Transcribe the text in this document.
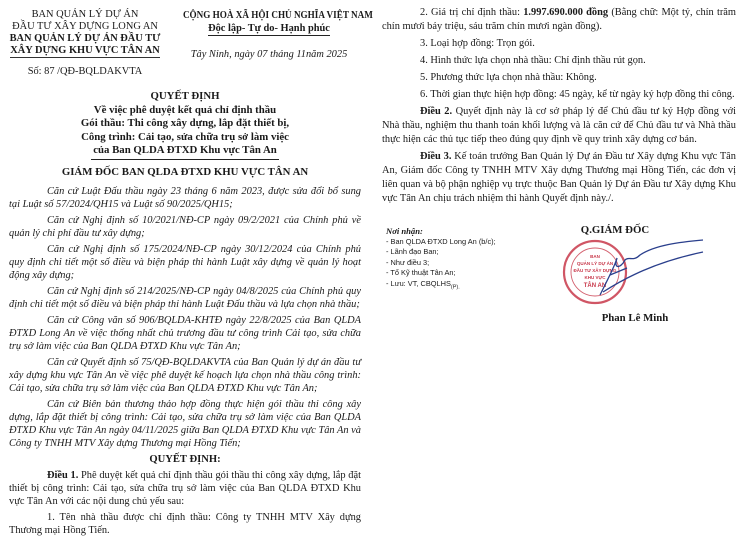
BAN QUẢN LÝ DỰ ÁN
ĐẦU TƯ XÂY DỰNG LONG AN
BAN QUẢN LÝ DỰ ÁN ĐẦU TƯ
XÂY DỰNG KHU VỰC TÂN AN
Số: 87 /QĐ-BQLDAKVTA
CỘNG HOÀ XÃ HỘI CHỦ NGHĨA VIỆT NAM
Độc lập- Tự do- Hạnh phúc
Tây Ninh, ngày 07 tháng 11năm 2025
QUYẾT ĐỊNH
Về việc phê duyệt kết quả chỉ định thầu
Gói thầu: Thi công xây dựng, lắp đặt thiết bị,
Công trình: Cải tạo, sửa chữa trụ sở làm việc
của Ban QLDA ĐTXD Khu vực Tân An
GIÁM ĐỐC BAN QLDA ĐTXD KHU VỰC TÂN AN

Căn cứ Luật Đấu thầu ngày 23 tháng 6 năm 2023, được sửa đổi bổ sung tại Luật số 57/2024/QH15 và Luật số 90/2025/QH15;

Căn cứ Nghị định số 10/2021/NĐ-CP ngày 09/2/2021 của Chính phủ về quản lý chi phí đầu tư xây dựng;

Căn cứ Nghị định số 175/2024/NĐ-CP ngày 30/12/2024 của Chính phủ quy định chi tiết một số điều và biện pháp thi hành Luật xây dựng về quản lý hoạt động xây dựng;

Căn cứ Nghị định số 214/2025/NĐ-CP ngày 04/8/2025 của Chính phủ quy định chi tiết một số điều và biện pháp thi hành Luật Đấu thầu và lựa chọn nhà thầu;

Căn cứ Công văn số 906/BQLDA-KHTĐ ngày 22/8/2025 của Ban QLDA ĐTXD Long An về việc thống nhất chủ trương đầu tư công trình Cải tạo, sửa chữa trụ sở làm việc của Ban QLDA ĐTXD Khu vực Tân An;

Căn cứ Quyết định số 75/QĐ-BQLDAKVTA của Ban Quản lý dự án đầu tư xây dựng khu vực Tân An về việc phê duyệt kế hoạch lựa chọn nhà thầu công trình: Cải tạo, sửa chữa trụ sở làm việc của Ban QLDA ĐTXD Khu vực Tân An;

Căn cứ Biên bản thương thảo hợp đồng thực hiện gói thầu thi công xây dựng, lắp đặt thiết bị công trình: Cải tạo, sửa chữa trụ sở làm việc của Ban QLDA ĐTXD Khu vực Tân An ngày 04/11/2025 giữa Ban QLDA ĐTXD Khu vực Tân An và Công ty TNHH MTV Xây dựng Thương mại Hồng Tiến;

QUYẾT ĐỊNH:

Điều 1. Phê duyệt kết quả chỉ định thầu gói thầu thi công xây dựng, lắp đặt thiết bị công trình: Cải tạo, sửa chữa trụ sở làm việc của Ban QLDA ĐTXD Khu vực Tân An với các nội dung chủ yếu sau:

1. Tên nhà thầu được chỉ định thầu: Công ty TNHH MTV Xây dựng Thương mại Hồng Tiến.

2. Giá trị chỉ định thầu: 1.997.690.000 đồng (Bằng chữ: Một tỷ, chín trăm chín mươi bảy triệu, sáu trăm chín mươi ngàn đồng).

3. Loại hợp đồng: Trọn gói.

4. Hình thức lựa chọn nhà thầu: Chỉ định thầu rút gọn.

5. Phương thức lựa chọn nhà thầu: Không.

6. Thời gian thực hiện hợp đồng: 45 ngày, kể từ ngày ký hợp đồng thi công.

Điều 2. Quyết định này là cơ sở pháp lý để Chủ đầu tư ký Hợp đồng với Nhà thầu, nghiệm thu thanh toán khối lượng và là căn cứ để Chủ đầu tư và Nhà thầu thực hiện các thủ tục tiếp theo đúng quy định về quy trình xây dựng cơ bản.

Điều 3. Kế toán trưởng Ban Quản lý Dự án Đầu tư Xây dựng Khu vực Tân An, Giám đốc Công ty TNHH MTV Xây dựng Thương mại Hồng Tiến, các đơn vị liên quan và bộ phận nghiệp vụ trực thuộc Ban Quản lý Dự án Đầu tư Xây dựng Khu vực Tân An chịu trách nhiệm thi hành Quyết định này./.

Nơi nhận:
- Ban QLDA ĐTXD Long An (b/c);
- Lãnh đạo Ban;
- Như điều 3;
- Tổ Kỹ thuật Tân An;
- Lưu: VT, $CBQLHS_{(P).}$
Q.GIÁM ĐỐC
BAN
QUẢN LÝ DỰ ÁN
ĐẦU TƯ XÂY DỰNG
KHU VỰC
TÂN AN
Phan Lê Minh
